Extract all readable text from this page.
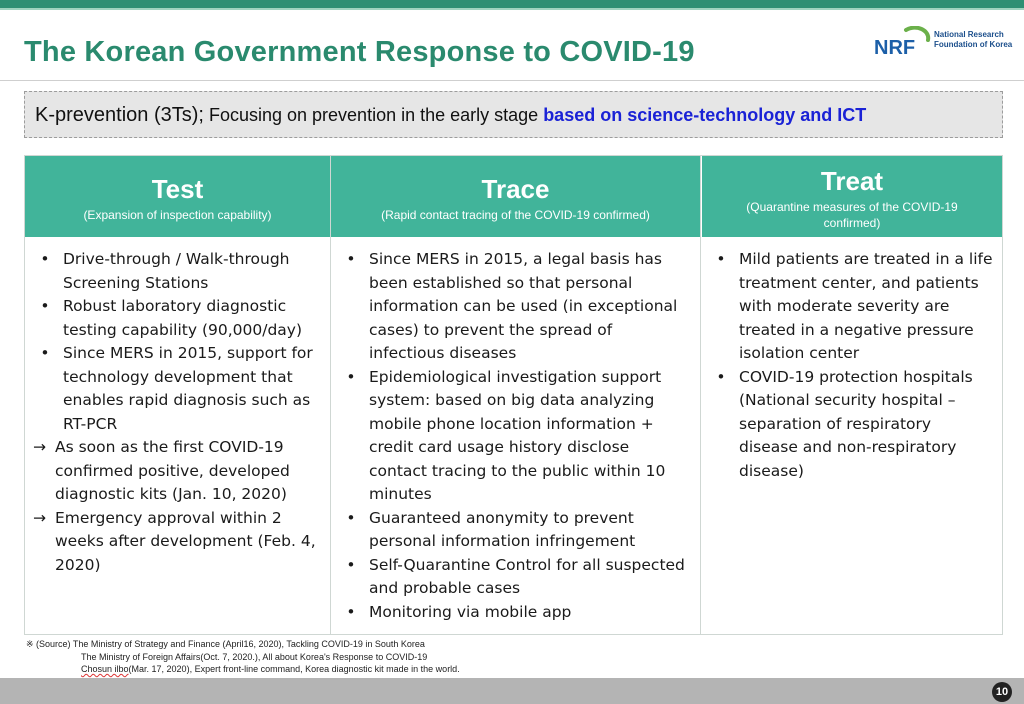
The Korean Government Response to COVID-19	NRF
National Research
Foundation of Korea
K-prevention (3Ts); Focusing on prevention in the early stage based on science-technology and ICT
Test
(Expansion of inspection capability)
• Drive-through / Walk-through Screening Stations
• Robust laboratory diagnostic testing capability (90,000/day)
• Since MERS in 2015, support for technology development that enables rapid diagnosis such as RT-PCR
→ As soon as the first COVID-19 confirmed positive, developed diagnostic kits (Jan. 10, 2020)
→ Emergency approval within 2 weeks after development (Feb. 4, 2020)
Trace
(Rapid contact tracing of the COVID-19 confirmed)
• Since MERS in 2015, a legal basis has been established so that personal information can be used (in exceptional cases) to prevent the spread of infectious diseases
• Epidemiological investigation support system: based on big data analyzing mobile phone location information + credit card usage history disclose contact tracing to the public within 10 minutes
• Guaranteed anonymity to prevent personal information infringement
• Self-Quarantine Control for all suspected and probable cases
• Monitoring via mobile app
Treat
(Quarantine measures of the COVID-19 confirmed)
• Mild patients are treated in a life treatment center, and patients with moderate severity are treated in a negative pressure isolation center
• COVID-19 protection hospitals (National security hospital – separation of respiratory disease and non-respiratory disease)
※ (Source) The Ministry of Strategy and Finance (April16, 2020), Tackling COVID-19 in South Korea
The Ministry of Foreign Affairs(Oct. 7, 2020.), All about Korea's Response to COVID-19
Chosun ilbo(Mar. 17, 2020), Expert front-line command, Korea diagnostic kit made in the world.
10
